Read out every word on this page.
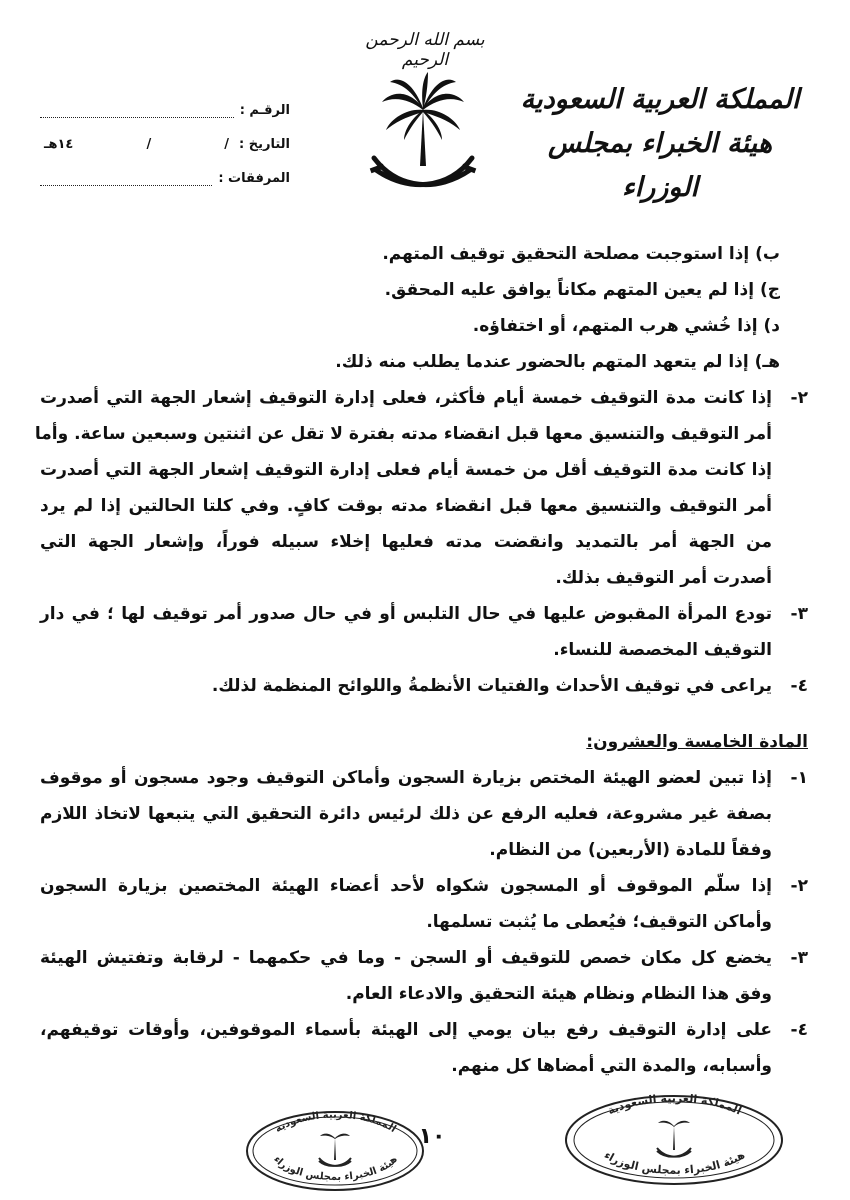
بسم الله الرحمن الرحيم
المملكة العربية السعودية
هيئة الخبراء بمجلس الوزراء
الرقـم :
التاريخ :
/
/
١٤هـ
المرفقات :
ب) إذا استوجبت مصلحة التحقيق توقيف المتهم.
ج) إذا لم يعين المتهم مكاناً يوافق عليه المحقق.
د) إذا خُشي هرب المتهم، أو اختفاؤه.
هـ) إذا لم يتعهد المتهم بالحضور عندما يطلب منه ذلك.
٢-إذا كانت مدة التوقيف خمسة أيام فأكثر، فعلى إدارة التوقيف إشعار الجهة التي أصدرت
أمر التوقيف والتنسيق معها قبل انقضاء مدته بفترة لا تقل عن اثنتين وسبعين ساعة. وأما
إذا كانت مدة التوقيف أقل من خمسة أيام فعلى إدارة التوقيف إشعار الجهة التي أصدرت
أمر التوقيف والتنسيق معها قبل انقضاء مدته بوقت كافٍ. وفي كلتا الحالتين إذا لم يرد
من الجهة أمر بالتمديد وانقضت مدته فعليها إخلاء سبيله فوراً، وإشعار الجهة التي
أصدرت أمر التوقيف بذلك.
٣-تودع المرأة المقبوض عليها في حال التلبس أو في حال صدور أمر توقيف لها ؛ في دار
التوقيف المخصصة للنساء.
٤-يراعى في توقيف الأحداث والفتيات الأنظمةُ واللوائح المنظمة لذلك.
المادة الخامسة والعشرون:
١-إذا تبين لعضو الهيئة المختص بزيارة السجون وأماكن التوقيف وجود مسجون أو موقوف
بصفة غير مشروعة، فعليه الرفع عن ذلك لرئيس دائرة التحقيق التي يتبعها لاتخاذ اللازم
وفقاً للمادة (الأربعين) من النظام.
٢-إذا سلّم الموقوف أو المسجون شكواه لأحد أعضاء الهيئة المختصين بزيارة السجون
وأماكن التوقيف؛ فيُعطى ما يُثبت تسلمها.
٣-يخضع كل مكان خصص للتوقيف أو السجن - وما في حكمهما - لرقابة وتفتيش الهيئة
وفق هذا النظام ونظام هيئة التحقيق والادعاء العام.
٤-على إدارة التوقيف رفع بيان يومي إلى الهيئة بأسماء الموقوفين، وأوقات توقيفهم،
وأسبابه، والمدة التي أمضاها كل منهم.
١٠
المملكة العربية السعودية
هيئة الخبراء بمجلس الوزراء
المملكة العربية السعودية
هيئة الخبراء بمجلس الوزراء
